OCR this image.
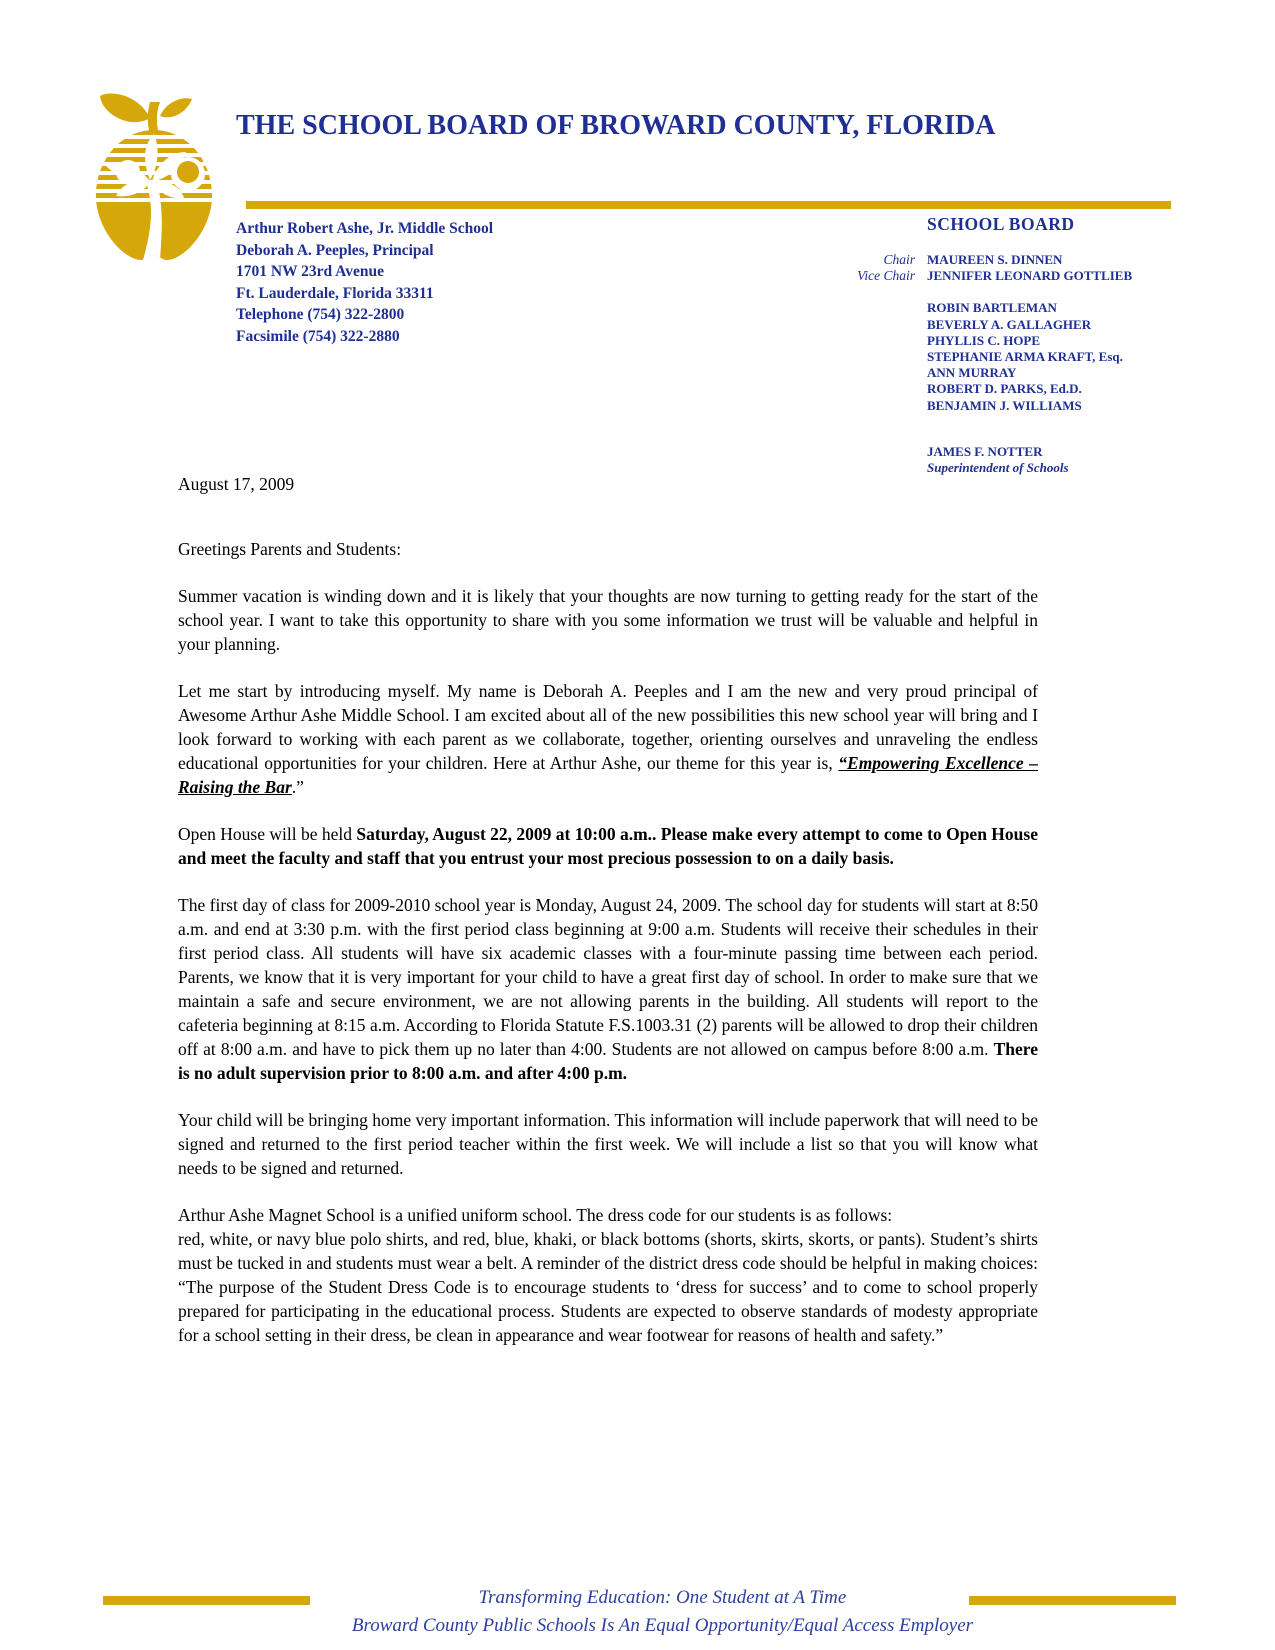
THE SCHOOL BOARD OF BROWARD COUNTY, FLORIDA
Arthur Robert Ashe, Jr. Middle School
Deborah A. Peeples, Principal
1701 NW 23rd Avenue
Ft. Lauderdale, Florida 33311
Telephone (754) 322-2800
Facsimile (754) 322-2880
SCHOOL BOARD
Chair MAUREEN S. DINNEN
Vice Chair JENNIFER LEONARD GOTTLIEB
ROBIN BARTLEMAN
BEVERLY A. GALLAGHER
PHYLLIS C. HOPE
STEPHANIE ARMA KRAFT, Esq.
ANN MURRAY
ROBERT D. PARKS, Ed.D.
BENJAMIN J. WILLIAMS
JAMES F. NOTTER
Superintendent of Schools
August 17, 2009

Greetings Parents and Students:

Summer vacation is winding down and it is likely that your thoughts are now turning to getting ready for the start of the school year. I want to take this opportunity to share with you some information we trust will be valuable and helpful in your planning.

Let me start by introducing myself. My name is Deborah A. Peeples and I am the new and very proud principal of Awesome Arthur Ashe Middle School. I am excited about all of the new possibilities this new school year will bring and I look forward to working with each parent as we collaborate, together, orienting ourselves and unraveling the endless educational opportunities for your children. Here at Arthur Ashe, our theme for this year is, “Empowering Excellence – Raising the Bar.”

Open House will be held Saturday, August 22, 2009 at 10:00 a.m.. Please make every attempt to come to Open House and meet the faculty and staff that you entrust your most precious possession to on a daily basis.

The first day of class for 2009-2010 school year is Monday, August 24, 2009. The school day for students will start at 8:50 a.m. and end at 3:30 p.m. with the first period class beginning at 9:00 a.m. Students will receive their schedules in their first period class. All students will have six academic classes with a four-minute passing time between each period. Parents, we know that it is very important for your child to have a great first day of school. In order to make sure that we maintain a safe and secure environment, we are not allowing parents in the building. All students will report to the cafeteria beginning at 8:15 a.m. According to Florida Statute F.S.1003.31 (2) parents will be allowed to drop their children off at 8:00 a.m. and have to pick them up no later than 4:00. Students are not allowed on campus before 8:00 a.m. There is no adult supervision prior to 8:00 a.m. and after 4:00 p.m.

Your child will be bringing home very important information. This information will include paperwork that will need to be signed and returned to the first period teacher within the first week. We will include a list so that you will know what needs to be signed and returned.

Arthur Ashe Magnet School is a unified uniform school. The dress code for our students is as follows:
red, white, or navy blue polo shirts, and red, blue, khaki, or black bottoms (shorts, skirts, skorts, or pants). Student’s shirts must be tucked in and students must wear a belt. A reminder of the district dress code should be helpful in making choices: “The purpose of the Student Dress Code is to encourage students to ‘dress for success’ and to come to school properly prepared for participating in the educational process. Students are expected to observe standards of modesty appropriate for a school setting in their dress, be clean in appearance and wear footwear for reasons of health and safety.”

Transforming Education: One Student at A Time
Broward County Public Schools Is An Equal Opportunity/Equal Access Employer
